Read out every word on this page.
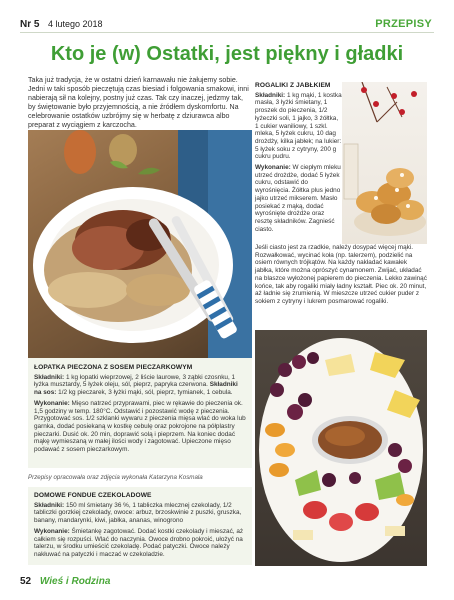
Nr 5 4 lutego 2018	PRZEPISY
Kto je (w) Ostatki, jest piękny i gładki

Taka już tradycja, że w ostatni dzień karnawału nie żałujemy sobie. Jedni w taki sposób pieczętują czas biesiad i folgowania smakowi, inni nabierają sił na kolejny, postny już czas. Tak czy inaczej, jedzmy tak, by świętowanie było przyjemnością, a nie źródłem dyskomfortu. Na celebrowanie ostatków uzbrójmy się w herbatę z dziurawca albo preparat z wyciągiem z karczocha.

ROGALIKI Z JABŁKIEM

Składniki: 1 kg mąki, 1 kostka masła, 3 łyżki śmietany, 1 proszek do pieczenia, 1/2 łyżeczki soli, 1 jajko, 3 żółtka, 1 cukier waniliowy, 1 szkl. mleka, 5 łyżek cukru, 10 dag drożdży, kilka jabłek; na lukier: 5 łyżek soku z cytryny, 200 g cukru pudru.

Wykonanie: W ciepłym mleku utrzeć drożdże, dodać 5 łyżek cukru, odstawić do wyrośnięcia. Żółtka plus jedno jajko utrzeć mikserem. Masło posiekać z mąką, dodać wyrośnięte drożdże oraz resztę składników. Zagnieść ciasto.

Jeśli ciasto jest za rzadkie, należy dosypać więcej mąki. Rozwałkować, wycinać koła (np. talerzem), podzielić na osiem równych trójkątów. Na każdy nakładać kawałek jabłka, które można oprószyć cynamonem. Zwijać, układać na blaszce wyłożonej papierem do pieczenia. Lekko zawinąć końce, tak aby rogaliki miały ładny kształt. Piec ok. 20 minut, aż ładnie się zrumienią. W mieszcze utrzeć cukier puder z sokiem z cytryny i lukrem posmarować rogaliki.

ŁOPATKA PIECZONA Z SOSEM PIECZARKOWYM

Składniki: 1 kg łopatki wieprzowej, 2 liście laurowe, 3 ząbki czosnku, 1 łyżka musztardy, 5 łyżek oleju, sól, pieprz, papryka czerwona. Składniki na sos: 1/2 kg pieczarek, 3 łyżki mąki, sól, pieprz, tymianek, 1 cebula.

Wykonanie: Mięso natrzeć przyprawami, piec w rękawie do pieczenia ok. 1,5 godziny w temp. 180°C. Odstawić i pozostawić wodę z pieczenia. Przygotować sos. 1/2 szklanki wywaru z pieczenia mięsa wlać do woka lub garnka, dodać posiekaną w kostkę cebulę oraz pokrojone na półplastry pieczarki. Dusić ok. 20 min, doprawić solą i pieprzem. Na koniec dodać mąkę wymieszaną w małej ilości wody i zagotować. Upieczone mięso podawać z sosem pieczarkowym.

Przepisy opracowała oraz zdjęcia wykonała Katarzyna Kosmala

DOMOWE FONDUE CZEKOLADOWE

Składniki: 150 ml śmietany 36 %, 1 tabliczka mlecznej czekolady, 1/2 tabliczki gorzkiej czekolady, owoce: arbuz, brzoskwinie z puszki, gruszka, banany, mandarynki, kiwi, jabłka, ananas, winogrono

Wykonanie: Śmietankę zagotować. Dodać kostki czekolady i mieszać, aż całkiem się rozpuści. Wlać do naczynia. Owoce drobno pokroić, ułożyć na talerzu, w środku umieścić czekoladę. Podać patyczki. Owoce należy nakłuwać na patyczki i maczać w czekoladzie.

52 Wieś i Rodzina
